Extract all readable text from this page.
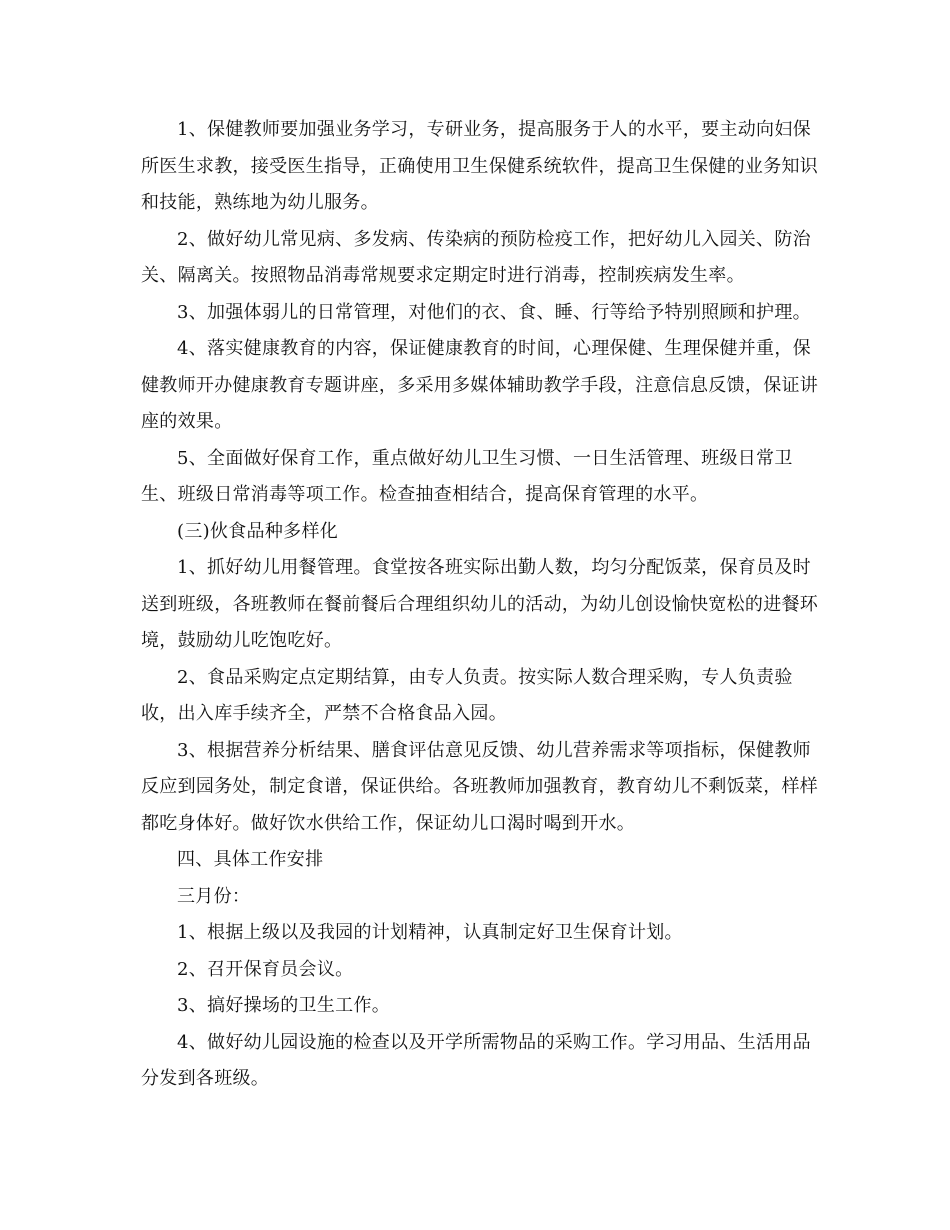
1、保健教师要加强业务学习，专研业务，提高服务于人的水平，要主动向妇保所医生求教，接受医生指导，正确使用卫生保健系统软件，提高卫生保健的业务知识和技能，熟练地为幼儿服务。

2、做好幼儿常见病、多发病、传染病的预防检疫工作，把好幼儿入园关、防治关、隔离关。按照物品消毒常规要求定期定时进行消毒，控制疾病发生率。

3、加强体弱儿的日常管理，对他们的衣、食、睡、行等给予特别照顾和护理。

4、落实健康教育的内容，保证健康教育的时间，心理保健、生理保健并重，保健教师开办健康教育专题讲座，多采用多媒体辅助教学手段，注意信息反馈，保证讲座的效果。

5、全面做好保育工作，重点做好幼儿卫生习惯、一日生活管理、班级日常卫生、班级日常消毒等项工作。检查抽查相结合，提高保育管理的水平。

(三)伙食品种多样化

1、抓好幼儿用餐管理。食堂按各班实际出勤人数，均匀分配饭菜，保育员及时送到班级，各班教师在餐前餐后合理组织幼儿的活动，为幼儿创设愉快宽松的进餐环境，鼓励幼儿吃饱吃好。

2、食品采购定点定期结算，由专人负责。按实际人数合理采购，专人负责验收，出入库手续齐全，严禁不合格食品入园。

3、根据营养分析结果、膳食评估意见反馈、幼儿营养需求等项指标，保健教师反应到园务处，制定食谱，保证供给。各班教师加强教育，教育幼儿不剩饭菜，样样都吃身体好。做好饮水供给工作，保证幼儿口渴时喝到开水。

四、具体工作安排

三月份：

1、根据上级以及我园的计划精神，认真制定好卫生保育计划。

2、召开保育员会议。

3、搞好操场的卫生工作。

4、做好幼儿园设施的检查以及开学所需物品的采购工作。学习用品、生活用品分发到各班级。
